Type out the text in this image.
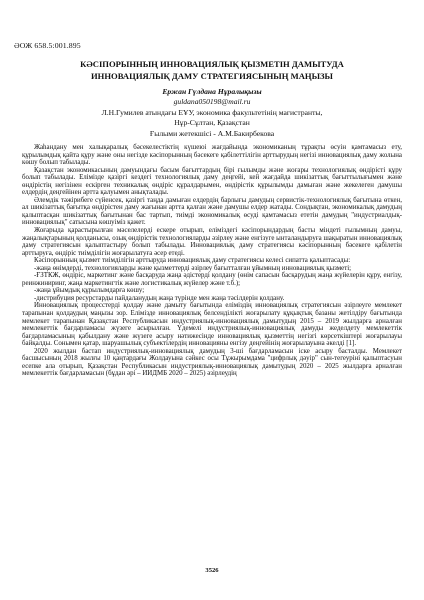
ӘОЖ 658.5:001.895
КӘСІПОРЫННЫҢ ИННОВАЦИЯЛЫҚ ҚЫЗМЕТІН ДАМЫТУДА
ИННОВАЦИЯЛЫҚ ДАМУ СТРАТЕГИЯСЫНЫҢ МАҢЫЗЫ
Ержан Гүлдана Нұралықызы
guldana050198@mail.ru
Л.Н.Гумилев атындағы ЕҰУ, экономика факультетінің магистранты,
Нұр-Сұлтан, Қазақстан
Ғылыми жетекшісі - А.М.Бакирбекова

Жаһандану мен халықаралық бәсекелестіктің күшеюі жағдайында экономиканың тұрақты өсуін қамтамасыз ету, құрылымдық қайта құру және оны негізде кәсіпорынның бәсекеге қабілеттілігін арттырудың негізі инновациялық даму жолына көшу болып табылады.

Қазақстан экономикасының дамуындағы басым бағыттардың бірі ғылымды және жоғары технологиялық өндірісті құру болып табылады. Елімізде қазіргі кездегі технологиялық даму деңгейі, кей жағдайда шикізаттық бағыттылығымен және өндірістің негізінен ескірген техникалық өндіріс құралдарымен, өндірістік құрылымды дамыған және жекелеген дамушы елдердің деңгейінен артта қалуымен анықталады.

Әлемдік тәжірибеге сүйенсек, қазіргі таңда дамыған елдердің барлығы дамудың сервистік-технологиялық бағытына өткен, ал шикізаттық бағытқа өндірістен даму жағынан артта қалған және дамушы елдер жатады. Сондықтан, экономикалық дамудың қалыптасқан шикізаттық бағытынан бас тартып, тиімді экономикалық өсуді қамтамасыз ететін дамудың "индустриалдық-инновациялық" сатысына көшуіміз қажет.

Жоғарыда қарастырылған мәселелерді ескере отырып, еліміздегі кәсіпорындардың басты міндеті ғылымның дамуы, жаңалықтарының қолданысы, озық өндірістік технологияларды әзірлеу және енгізуге ынталандыруға шақыратын инновациялық даму стратегиясын қалыптастыру болып табылады. Инновациялық даму стратегиясы кәсіпорынның бәсекеге қабілетін арттыруға, өндіріс тиімділігін жоғарылатуға әсер етеді.

Кәсіпорынның қызмет тиімділігін арттыруда инновациялық даму стратегиясы келесі сипатта қалыптасады:

-жаңа өнімдерді, технологияларды және қызметтерді әзірлеу бағытталған ұйымның инновациялық қызметі;

-ҒЗТКЖ, өндіріс, маркетинг және басқаруда жаңа әдістерді қолдану (өнім сапасын басқарудың жаңа жүйелерін құру, енгізу, реинжиниринг, жаңа маркетингтік және логистикалық жүйелер және т.б.);

-жаңа ұйымдық құрылымдарға көшу;

-дистрибуция ресурстарды пайдаланудың жаңа түрінде мен жаңа тәсілдерін қолдану.

Инновациялық процесстерді қолдау және дамыту бағытында еліміздің инновациялық стратегиясын әзірлеуге мемлекет тарапынан қолдаудың маңызы зор. Елімізде инновациялық белсенділікті жоғарылату құқықтық базаны жетілдіру бағытында мемлекет тарапынан Қазақстан Республикасын индустриялық-инновациялық дамытудың 2015 – 2019 жылдарға арналған мемлекеттік бағдарламасы жүзеге асырылған. Үдемелі индустриялық-инновациялық дамуды жеделдету мемлекеттік бағдарламасының қабылдану және жүзеге асыру нәтижесінде инновациялық қызметтің негізгі көрсеткіштері жоғарылауы байқалды. Сонымен қатар, шаруашылық субъектілердің инновацияны енгізу деңгейінің жоғарылауына әкелді [1].

2020 жылдан бастап индустриялық-инновациялық дамудың 3-ші бағдарламасын іске асыру басталды. Мемлекет басшысының 2018 жылғы 10 қаңтардағы Жолдауына сәйкес осы Тұжырымдама "цифрлық дәуір" сын-тегеуріні қалыптасуын есепке ала отырып, Қазақстан Республикасын индустриялық-инновациялық дамытудың 2020 – 2025 жылдарға арналған мемлекеттік бағдарламасын (бұдан әрі – ИИДМБ 2020 – 2025) әзірлеудің

3526
